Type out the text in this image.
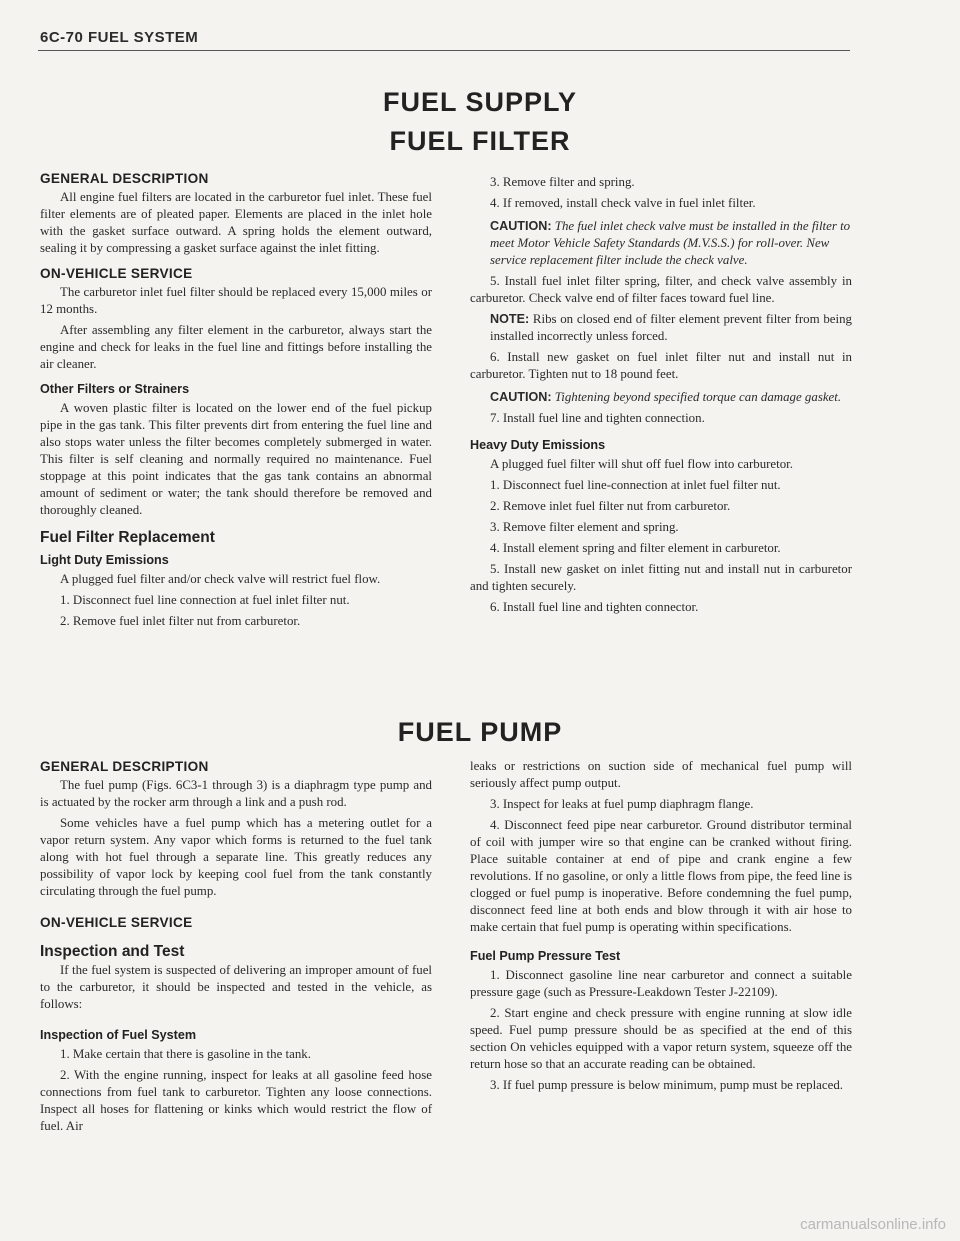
6C-70 FUEL SYSTEM
FUEL SUPPLY
FUEL FILTER
GENERAL DESCRIPTION

All engine fuel filters are located in the carburetor fuel inlet. These fuel filter elements are of pleated paper. Elements are placed in the inlet hole with the gasket surface outward. A spring holds the element outward, sealing it by compressing a gasket surface against the inlet fitting.

ON-VEHICLE SERVICE

The carburetor inlet fuel filter should be replaced every 15,000 miles or 12 months.

After assembling any filter element in the carburetor, always start the engine and check for leaks in the fuel line and fittings before installing the air cleaner.

Other Filters or Strainers

A woven plastic filter is located on the lower end of the fuel pickup pipe in the gas tank. This filter prevents dirt from entering the fuel line and also stops water unless the filter becomes completely submerged in water. This filter is self cleaning and normally required no maintenance. Fuel stoppage at this point indicates that the gas tank contains an abnormal amount of sediment or water; the tank should therefore be removed and thoroughly cleaned.

Fuel Filter Replacement
Light Duty Emissions

A plugged fuel filter and/or check valve will restrict fuel flow.

1. Disconnect fuel line connection at fuel inlet filter nut.

2. Remove fuel inlet filter nut from carburetor.

3. Remove filter and spring.

4. If removed, install check valve in fuel inlet filter.

CAUTION: The fuel inlet check valve must be installed in the filter to meet Motor Vehicle Safety Standards (M.V.S.S.) for roll-over. New service replacement filter include the check valve.

5. Install fuel inlet filter spring, filter, and check valve assembly in carburetor. Check valve end of filter faces toward fuel line.

NOTE: Ribs on closed end of filter element prevent filter from being installed incorrectly unless forced.

6. Install new gasket on fuel inlet filter nut and install nut in carburetor. Tighten nut to 18 pound feet.

CAUTION: Tightening beyond specified torque can damage gasket.

7. Install fuel line and tighten connection.

Heavy Duty Emissions

A plugged fuel filter will shut off fuel flow into carburetor.

1. Disconnect fuel line-connection at inlet fuel filter nut.

2. Remove inlet fuel filter nut from carburetor.

3. Remove filter element and spring.

4. Install element spring and filter element in carburetor.

5. Install new gasket on inlet fitting nut and install nut in carburetor and tighten securely.

6. Install fuel line and tighten connector.

FUEL PUMP
GENERAL DESCRIPTION

The fuel pump (Figs. 6C3-1 through 3) is a diaphragm type pump and is actuated by the rocker arm through a link and a push rod.

Some vehicles have a fuel pump which has a metering outlet for a vapor return system. Any vapor which forms is returned to the fuel tank along with hot fuel through a separate line. This greatly reduces any possibility of vapor lock by keeping cool fuel from the tank constantly circulating through the fuel pump.

ON-VEHICLE SERVICE
Inspection and Test

If the fuel system is suspected of delivering an improper amount of fuel to the carburetor, it should be inspected and tested in the vehicle, as follows:

Inspection of Fuel System

1. Make certain that there is gasoline in the tank.

2. With the engine running, inspect for leaks at all gasoline feed hose connections from fuel tank to carburetor. Tighten any loose connections. Inspect all hoses for flattening or kinks which would restrict the flow of fuel. Air

leaks or restrictions on suction side of mechanical fuel pump will seriously affect pump output.

3. Inspect for leaks at fuel pump diaphragm flange.

4. Disconnect feed pipe near carburetor. Ground distributor terminal of coil with jumper wire so that engine can be cranked without firing. Place suitable container at end of pipe and crank engine a few revolutions. If no gasoline, or only a little flows from pipe, the feed line is clogged or fuel pump is inoperative. Before condemning the fuel pump, disconnect feed line at both ends and blow through it with air hose to make certain that fuel pump is operating within specifications.

Fuel Pump Pressure Test

1. Disconnect gasoline line near carburetor and connect a suitable pressure gage (such as Pressure-Leakdown Tester J-22109).

2. Start engine and check pressure with engine running at slow idle speed. Fuel pump pressure should be as specified at the end of this section On vehicles equipped with a vapor return system, squeeze off the return hose so that an accurate reading can be obtained.

3. If fuel pump pressure is below minimum, pump must be replaced.

carmanualsonline.info
